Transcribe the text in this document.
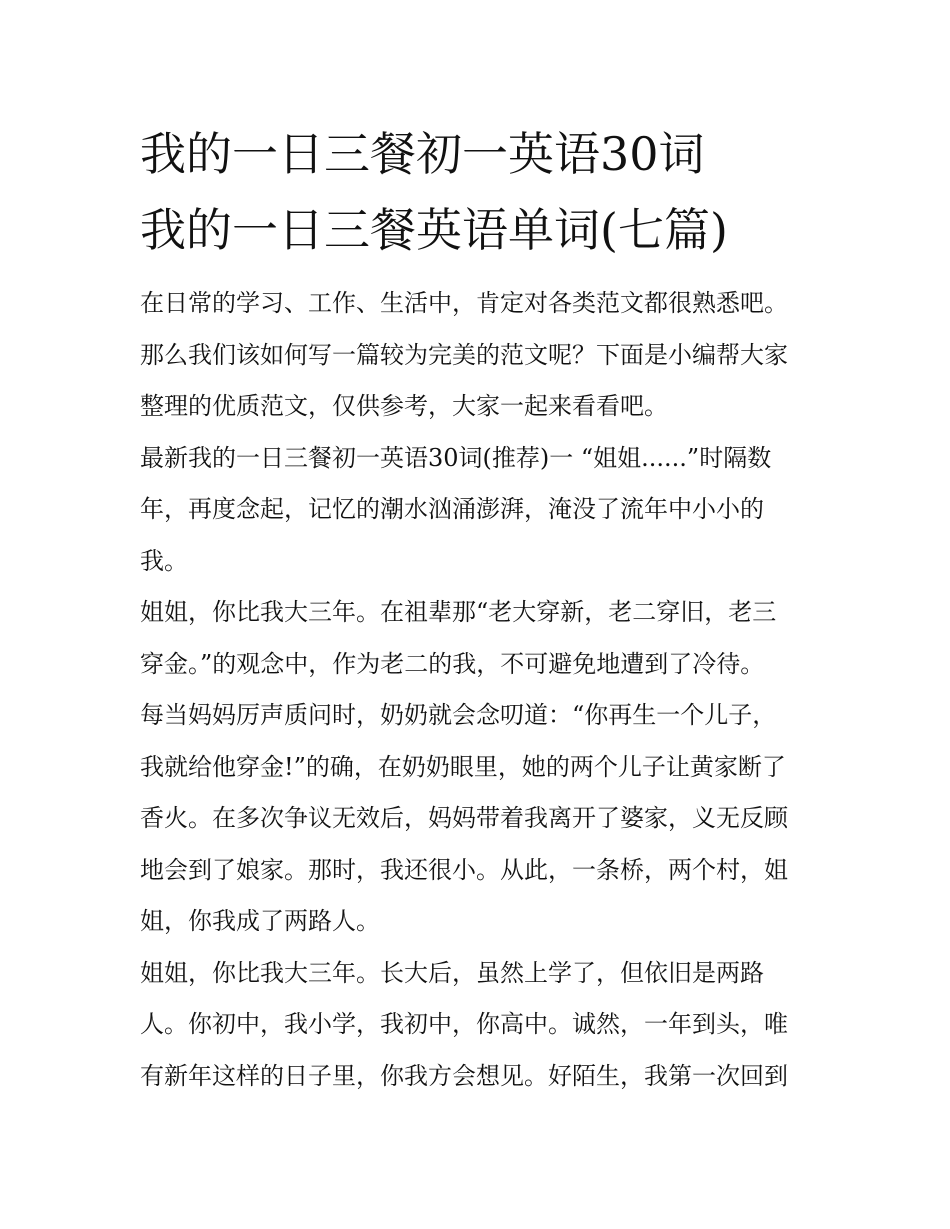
我的一日三餐初一英语30词
我的一日三餐英语单词(七篇)
在日常的学习、工作、生活中，肯定对各类范文都很熟悉吧。
那么我们该如何写一篇较为完美的范文呢？下面是小编帮大家
整理的优质范文，仅供参考，大家一起来看看吧。
最新我的一日三餐初一英语30词(推荐)一 “姐姐......”时隔数
年，再度念起，记忆的潮水汹涌澎湃，淹没了流年中小小的
我。
姐姐，你比我大三年。在祖辈那“老大穿新，老二穿旧，老三
穿金。”的观念中，作为老二的我，不可避免地遭到了冷待。
每当妈妈厉声质问时，奶奶就会念叨道：“你再生一个儿子，
我就给他穿金!”的确，在奶奶眼里，她的两个儿子让黄家断了
香火。在多次争议无效后，妈妈带着我离开了婆家，义无反顾
地会到了娘家。那时，我还很小。从此，一条桥，两个村，姐
姐，你我成了两路人。
姐姐，你比我大三年。长大后，虽然上学了，但依旧是两路
人。你初中，我小学，我初中，你高中。诚然，一年到头，唯
有新年这样的日子里，你我方会想见。好陌生，我第一次回到
